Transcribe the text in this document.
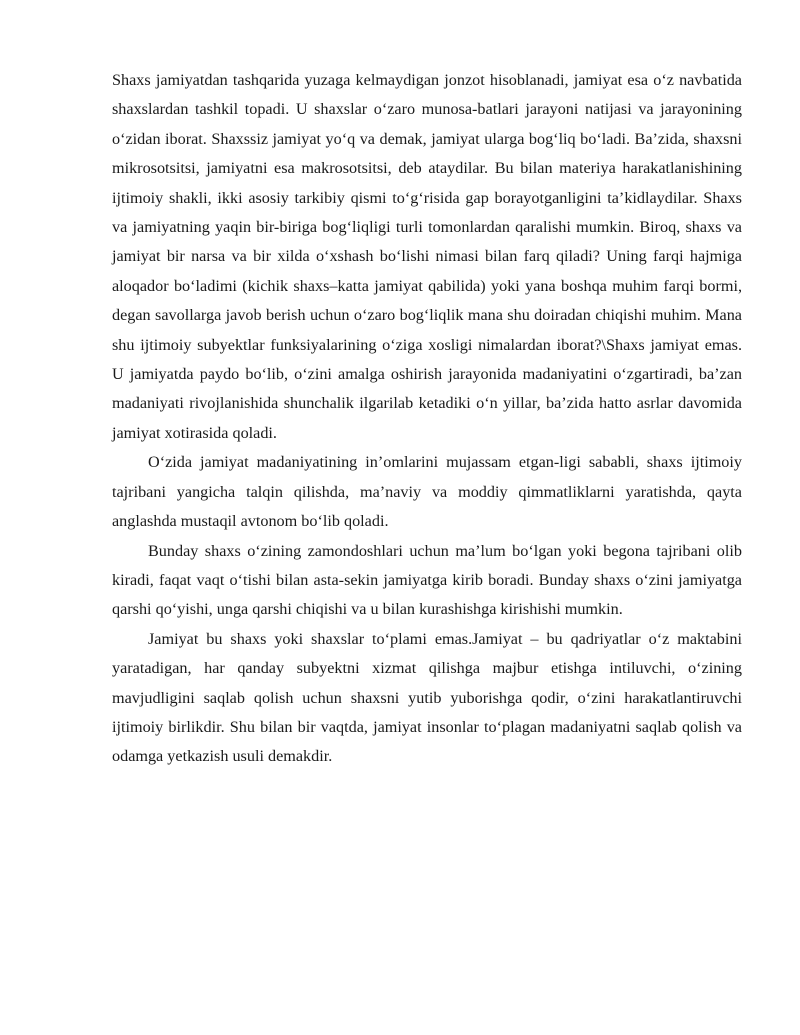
Shaxs jamiyatdan tashqarida yuzaga kelmaydigan jonzot hisoblanadi, jamiyat esa o‘z navbatida shaxslardan tashkil topadi. U shaxslar o‘zaro munosa-batlari jarayoni natijasi va jarayonining o‘zidan iborat. Shaxssiz jamiyat yo‘q va demak, jamiyat ularga bog‘liq bo‘ladi. Ba’zida, shaxsni mikrosotsitsi, jamiyatni esa makrosotsitsi, deb ataydilar. Bu bilan materiya harakatlanishining ijtimoiy shakli, ikki asosiy tarkibiy qismi to‘g‘risida gap borayotganligini ta’kidlaydilar. Shaxs va jamiyatning yaqin bir-biriga bog‘liqligi turli tomonlardan qaralishi mumkin. Biroq, shaxs va jamiyat bir narsa va bir xilda o‘xshash bo‘lishi nimasi bilan farq qiladi? Uning farqi hajmiga aloqador bo‘ladimi (kichik shaxs–katta jamiyat qabilida) yoki yana boshqa muhim farqi bormi, degan savollarga javob berish uchun o‘zaro bog‘liqlik mana shu doiradan chiqishi muhim. Mana shu ijtimoiy subyektlar funksiyalarining o‘ziga xosligi nimalardan iborat?\Shaxs jamiyat emas. U jamiyatda paydo bo‘lib, o‘zini amalga oshirish jarayonida madaniyatini o‘zgartiradi, ba’zan madaniyati rivojlanishida shunchalik ilgarilab ketadiki o‘n yillar, ba’zida hatto asrlar davomida jamiyat xotirasida qoladi.

O‘zida jamiyat madaniyatining in’omlarini mujassam etgan-ligi sababli, shaxs ijtimoiy tajribani yangicha talqin qilishda, ma’naviy va moddiy qimmatliklarni yaratishda, qayta anglashda mustaqil avtonom bo‘lib qoladi.

Bunday shaxs o‘zining zamondoshlari uchun ma’lum bo‘lgan yoki begona tajribani olib kiradi, faqat vaqt o‘tishi bilan asta-sekin jamiyatga kirib boradi. Bunday shaxs o‘zini jamiyatga qarshi qo‘yishi, unga qarshi chiqishi va u bilan kurashishga kirishishi mumkin.

Jamiyat bu shaxs yoki shaxslar to‘plami emas.Jamiyat – bu qadriyatlar o‘z maktabini yaratadigan, har qanday subyektni xizmat qilishga majbur etishga intiluvchi, o‘zining mavjudligini saqlab qolish uchun shaxsni yutib yuborishga qodir, o‘zini harakatlantiruvchi ijtimoiy birlikdir. Shu bilan bir vaqtda, jamiyat insonlar to‘plagan madaniyatni saqlab qolish va odamga yetkazish usuli demakdir.
